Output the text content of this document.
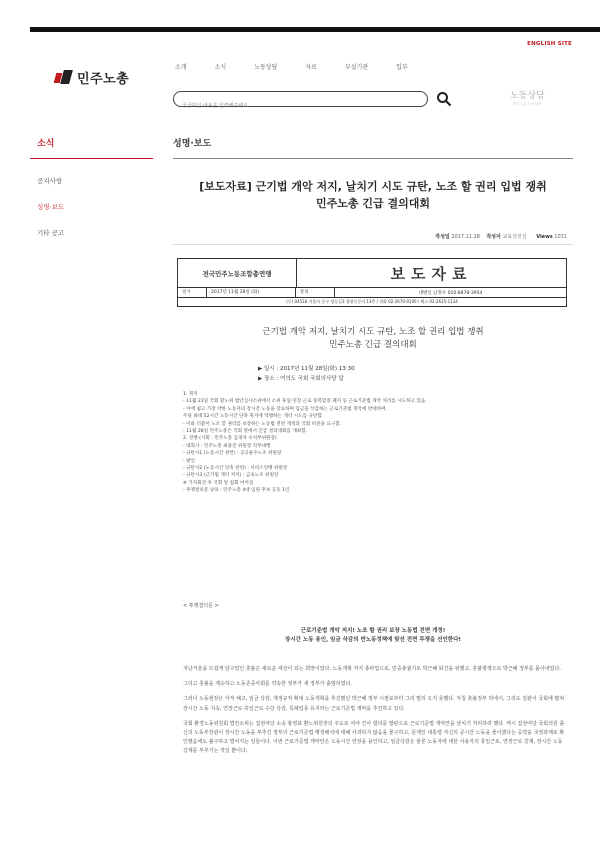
ENGLISH SITE
민주노총
소개	소식	노동상담	자료	부설기관	입부
궁금하신 내용을 입력해주세요
노동상담
민주노총 노동상담
소식
공지사항
성명·보도
기타 공고
성명·보도
[보도자료] 근기법 개악 저지, 날치기 시도 규탄, 노조 할 권리 입법 쟁취
민주노총 긴급 결의대회
작성일 2017.11.28 작성자 교육선전실 Views 1031
전국민주노동조합총연맹	보도자료
일시	2017년 11월 28일 (화)	문의	대변인 남정수 010-8878-3954
(우) 04518 서울시 중구 정동길3 경향신문사 13층 / 전화 02-2670-9100 / 팩스 02-2635-1134
근기법 개악 저지, 날치기 시도 규탄, 노조 할 권리 입법 쟁취
민주노총 긴급 결의대회
▶ 일시 : 2017년 11월 28일(화) 13:30
▶ 장소 : 여의도 국회 국회의사당 앞

1. 취지

- 11월 23일 국회 환노위 법안심사소위에서 소위 휴일·연장 근로 중복할증 폐지 등 근로기준법 개악 처리를 시도하고 있음.

- 이에 쉽고 가장 약한 노동자의 장시간 노동을 강요하며 임금을 삭감하는 근로기준법 개악에 반대하며,

주당 최대 52시간 노동시간 단축 취지에 역행하는 개악 시도를 규탄함.

- 이와 더불어 노조 할 권리를 보장하는 노동법 전면 개정과 국회 비준을 요구함.

- 11월 28일 민주노총은 국회 앞에서 긴급 결의대회를 개최함.

2. 진행 (사회 : 민주노총 김경자 수석부위원장)

- 대회사 : 민주노총 최종진 위원장 직무대행

- 규탄사1 (노동시간 관련) : 공공운수노조 위원장

- 발언

- 규탄사2 (노동시간 단축 관련) : 서비스연맹 위원장

- 규탄사3 (근기법 개악 저지) : 금속노조 위원장

※ 기자회견 후 국회 앞 집회 이어짐

- 투쟁결의문 낭독 : 민주노총 4대 임원 후보 공동 1인

< 투쟁결의문 >
근로기준법 개악 저지! 노조 할 권리 보장 노동법 전면 개정!
장시간 노동 용인, 임금 삭감의 반노동정책에 맞선 전면 투쟁을 선언한다!

지난겨울을 뜨겁게 달구었던 촛불은 새로운 세상이 되는 희망이었다. 노동개혁 저지 총파업으로, 민중총궐기로 박근혜 퇴진을 위했고, 촛불항쟁으로 박근혜 정부를 몰아내었다.

그리고 촛불을 계승하고 노동존중사회를 약속한 정부가 새 정부가 출범하였다.

그러나 노동현장은 아직 해고, 임금 삭감, 계정규직 확대 노동개혁을 추진했던 박근혜 정부 시절로부터 그리 멀리 오지 못했다. 자칭 촛불정부 하에서, 그리도 김관이 국회에 펼쳐 장시간 노동 지속, 연장근로·휴일근로 수당 삭감, 특례업종 유지라는 근로기준법 개악을 추진하고 있다.

국회 환경노동위원회 법안소위는 집권여당 소속 홍영표 환노위원장의 주도로 여야 간사 합의를 발판으로 근로기준법 개악안을 날치기 처리하려 했다. 역시 집권여당 국회의원 출신의 노동부장관이 장시간 노동을 부추긴 정부의 근로기준법 행정해석에 대해 사과하지 않음을 물구하고, 문재인 대통령 자신의 공시간 노동을 줄이겠다는 공약을 국정과제로 확인했음에도 불구하고 벌어지는 일들이다. 이번 근로기준법 개악안은 노동시간 연장을 용인하고, 임금삭감은 물론 노동자에 대한 사용자의 휴일근로, 연장근로 강제, 장시간 노동 강제를 부추기는 것일 뿐이다.
